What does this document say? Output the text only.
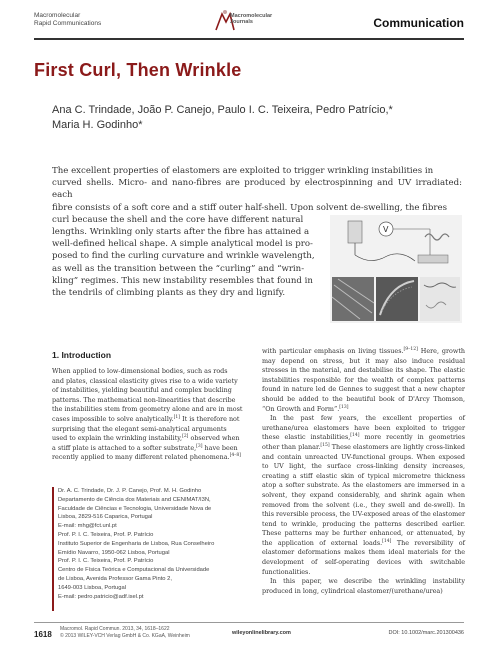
Macromolecular
Rapid Communications
Macromolecular
Journals	Communication
First Curl, Then Wrinkle
Ana C. Trindade, João P. Canejo, Paulo I. C. Teixeira, Pedro Patrício,*
Maria H. Godinho*

The excellent properties of elastomers are exploited to trigger wrinkling instabilities in

curved shells. Micro- and nano-fibres are produced by electrospinning and UV irradiated: each

fibre consists of a soft core and a stiff outer half-shell. Upon solvent de-swelling, the fibres

curl because the shell and the core have different natural

lengths. Wrinkling only starts after the fibre has attained a

well-defined helical shape. A simple analytical model is pro-

posed to find the curling curvature and wrinkle wavelength,

as well as the transition between the “curling” and “wrin-

kling” regimes. This new instability resembles that found in

the tendrils of climbing plants as they dry and lignify.

V
1. Introduction
When applied to low-dimensional bodies, such as rods
and plates, classical elasticity gives rise to a wide variety
of instabilities, yielding beautiful and complex buckling
patterns. The mathematical non-linearities that describe
the instabilities stem from geometry alone and are in most
cases impossible to solve analytically.[1] It is therefore not
surprising that the elegant semi-analytical arguments
used to explain the wrinkling instability,[2] observed when
a stiff plate is attached to a softer substrate,[3] have been
recently applied to many different related phenomena.[4–8]
Dr. A. C. Trindade, Dr. J. P. Canejo, Prof. M. H. Godinho
Departamento de Ciência dos Materiais and CENIMAT/I3N,
Faculdade de Ciências e Tecnologia, Universidade Nova de
Lisboa, 2829-516 Caparica, Portugal
E-mail: mhg@fct.unl.pt
Prof. P. I. C. Teixeira, Prof. P. Patrício
Instituto Superior de Engenharia de Lisboa, Rua Conselheiro
Emídio Navarro, 1950-062 Lisboa, Portugal
Prof. P. I. C. Teixeira, Prof. P. Patrício
Centro de Física Teórica e Computacional da Universidade
de Lisboa, Avenida Professor Gama Pinto 2,
1649-003 Lisboa, Portugal
E-mail: pedro.patricio@adf.isel.pt

with particular emphasis on living tissues.[9–12] Here, growth may depend on stress, but it may also induce residual stresses in the material, and destabilise its shape. The elastic instabilities responsible for the wealth of complex patterns found in nature led de Gennes to suggest that a new chapter should be added to the beautiful book of D'Arcy Thomson, “On Growth and Form”.[13]

In the past few years, the excellent properties of urethane/urea elastomers have been exploited to trigger these elastic instabilities,[14] more recently in geometries other than planar.[15] These elastomers are lightly cross-linked and contain unreacted UV-functional groups. When exposed to UV light, the surface cross-linking density increases, creating a stiff elastic skin of typical micrometre thickness atop a softer substrate. As the elastomers are immersed in a solvent, they expand considerably, and shrink again when removed from the solvent (i.e., they swell and de-swell). In this reversible process, the UV-exposed areas of the elastomer tend to wrinkle, producing the patterns described earlier. These patterns may be further enhanced, or attenuated, by the application of external loads.[14] The reversibility of elastomer deformations makes them ideal materials for the development of self-operating devices with switchable functionalities.

In this paper, we describe the wrinkling instability produced in long, cylindrical elastomer/(urethane/urea)

1618
Macromol. Rapid Commun. 2013, 34, 1618–1622
© 2013 WILEY-VCH Verlag GmbH & Co. KGaA, Weinheim	wileyonlinelibrary.com	DOI: 10.1002/marc.201300436
